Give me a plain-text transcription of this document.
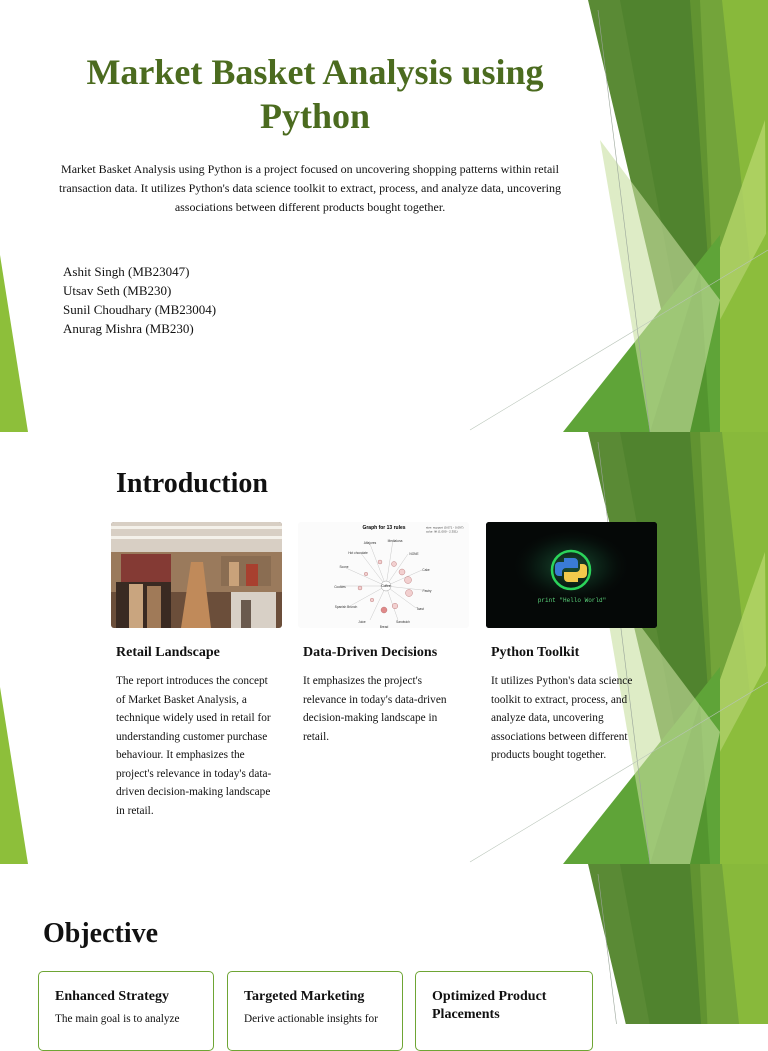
Market Basket Analysis using Python

Market Basket Analysis using Python is a project focused on uncovering shopping patterns within retail transaction data. It utilizes Python's data science toolkit to extract, process, and analyze data, uncovering associations between different products bought together.

Ashit Singh (MB23047)
Utsav Seth (MB230)
Sunil Choudhary (MB23004)
Anurag Mishra (MB230)
Introduction
Graph for 13 rules	size: support (0.071 - 0.097)
color: lift (1.000 - 2.351)
Coffee
Alfajores	Medialuna
Hot chocolate	NONE
Scone
Cake
Cookies
Pastry
Spanish Brunch	Toast
Juice	Sandwich
Bread
print "Hello World"
Retail Landscape
The report introduces the concept of Market Basket Analysis, a technique widely used in retail for understanding customer purchase behaviour. It emphasizes the project's relevance in today's data-driven decision-making landscape in retail.
Data-Driven Decisions
It emphasizes the project's relevance in today's data-driven decision-making landscape in retail.
Python Toolkit
It utilizes Python's data science toolkit to extract, process, and analyze data, uncovering associations between different products bought together.
Objective
Enhanced Strategy
The main goal is to analyze
Targeted Marketing
Derive actionable insights for
Optimized Product Placements
